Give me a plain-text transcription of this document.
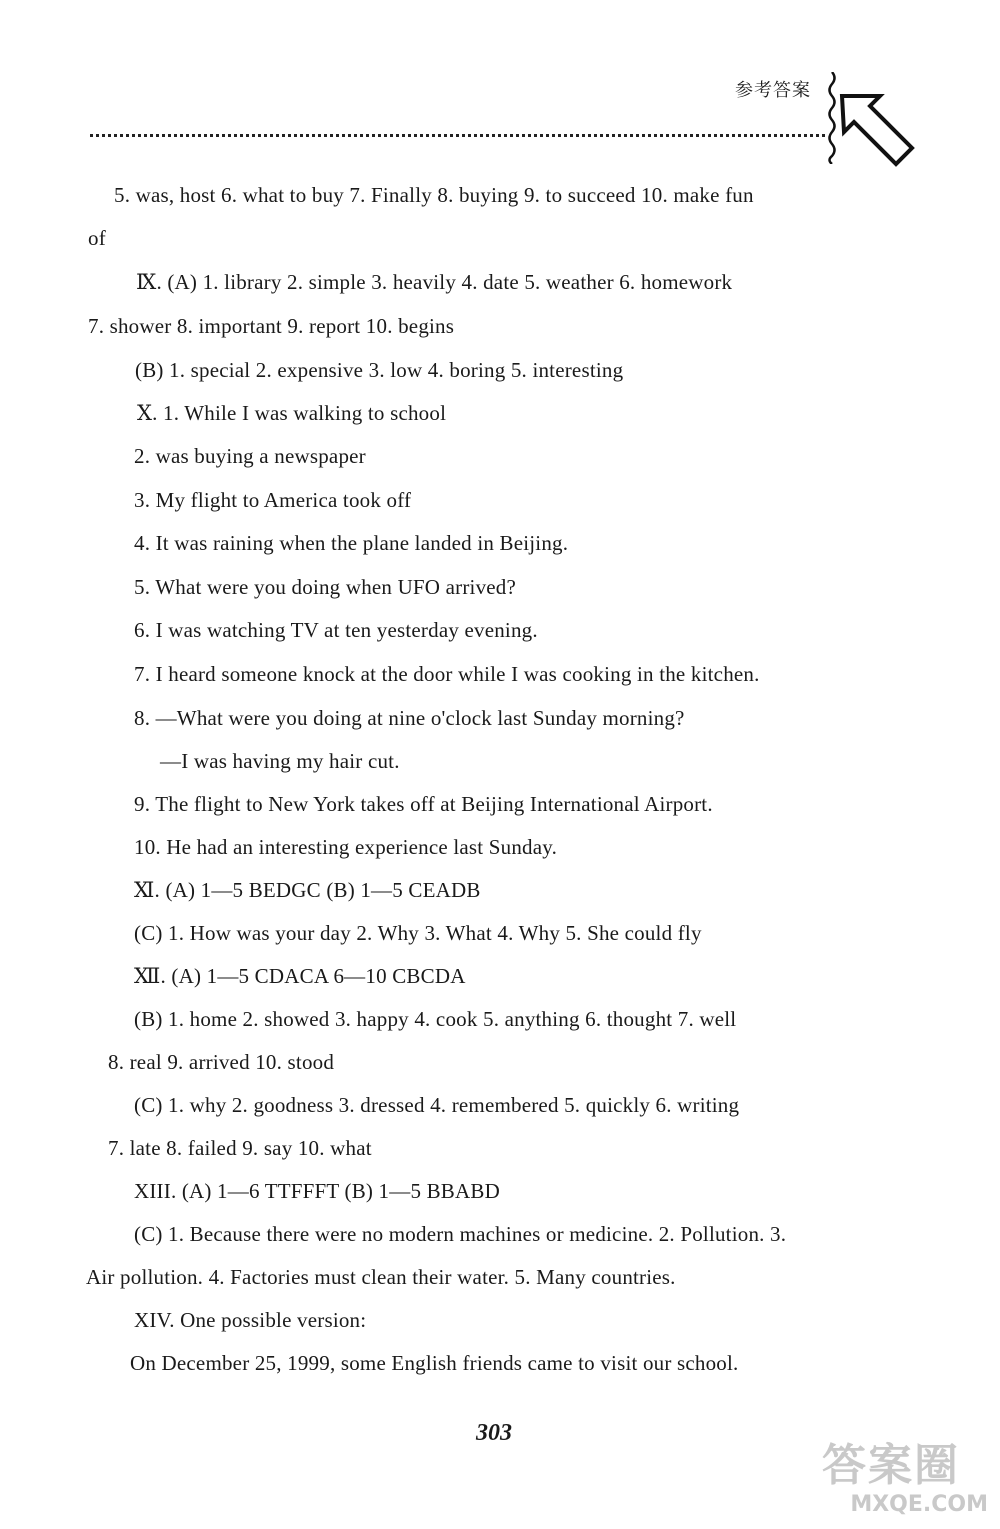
参考答案
5. was, host 6. what to buy 7. Finally 8. buying 9. to succeed 10. make fun
of
Ⅸ. (A) 1. library 2. simple 3. heavily 4. date 5. weather 6. homework
7. shower 8. important 9. report 10. begins
(B) 1. special 2. expensive 3. low 4. boring 5. interesting
Ⅹ. 1. While I was walking to school
2. was buying a newspaper
3. My flight to America took off
4. It was raining when the plane landed in Beijing.
5. What were you doing when UFO arrived?
6. I was watching TV at ten yesterday evening.
7. I heard someone knock at the door while I was cooking in the kitchen.
8. —What were you doing at nine o'clock last Sunday morning?
—I was having my hair cut.
9. The flight to New York takes off at Beijing International Airport.
10. He had an interesting experience last Sunday.
Ⅺ. (A) 1—5 BEDGC (B) 1—5 CEADB
(C) 1. How was your day 2. Why 3. What 4. Why 5. She could fly
Ⅻ. (A) 1—5 CDACA 6—10 CBCDA
(B) 1. home 2. showed 3. happy 4. cook 5. anything 6. thought 7. well
8. real 9. arrived 10. stood
(C) 1. why 2. goodness 3. dressed 4. remembered 5. quickly 6. writing
7. late 8. failed 9. say 10. what
XIII. (A) 1—6 TTFFFT (B) 1—5 BBABD
(C) 1. Because there were no modern machines or medicine. 2. Pollution. 3.
Air pollution. 4. Factories must clean their water. 5. Many countries.
XIV. One possible version:
On December 25, 1999, some English friends came to visit our school.
303
答案圈
MXQE.COM
